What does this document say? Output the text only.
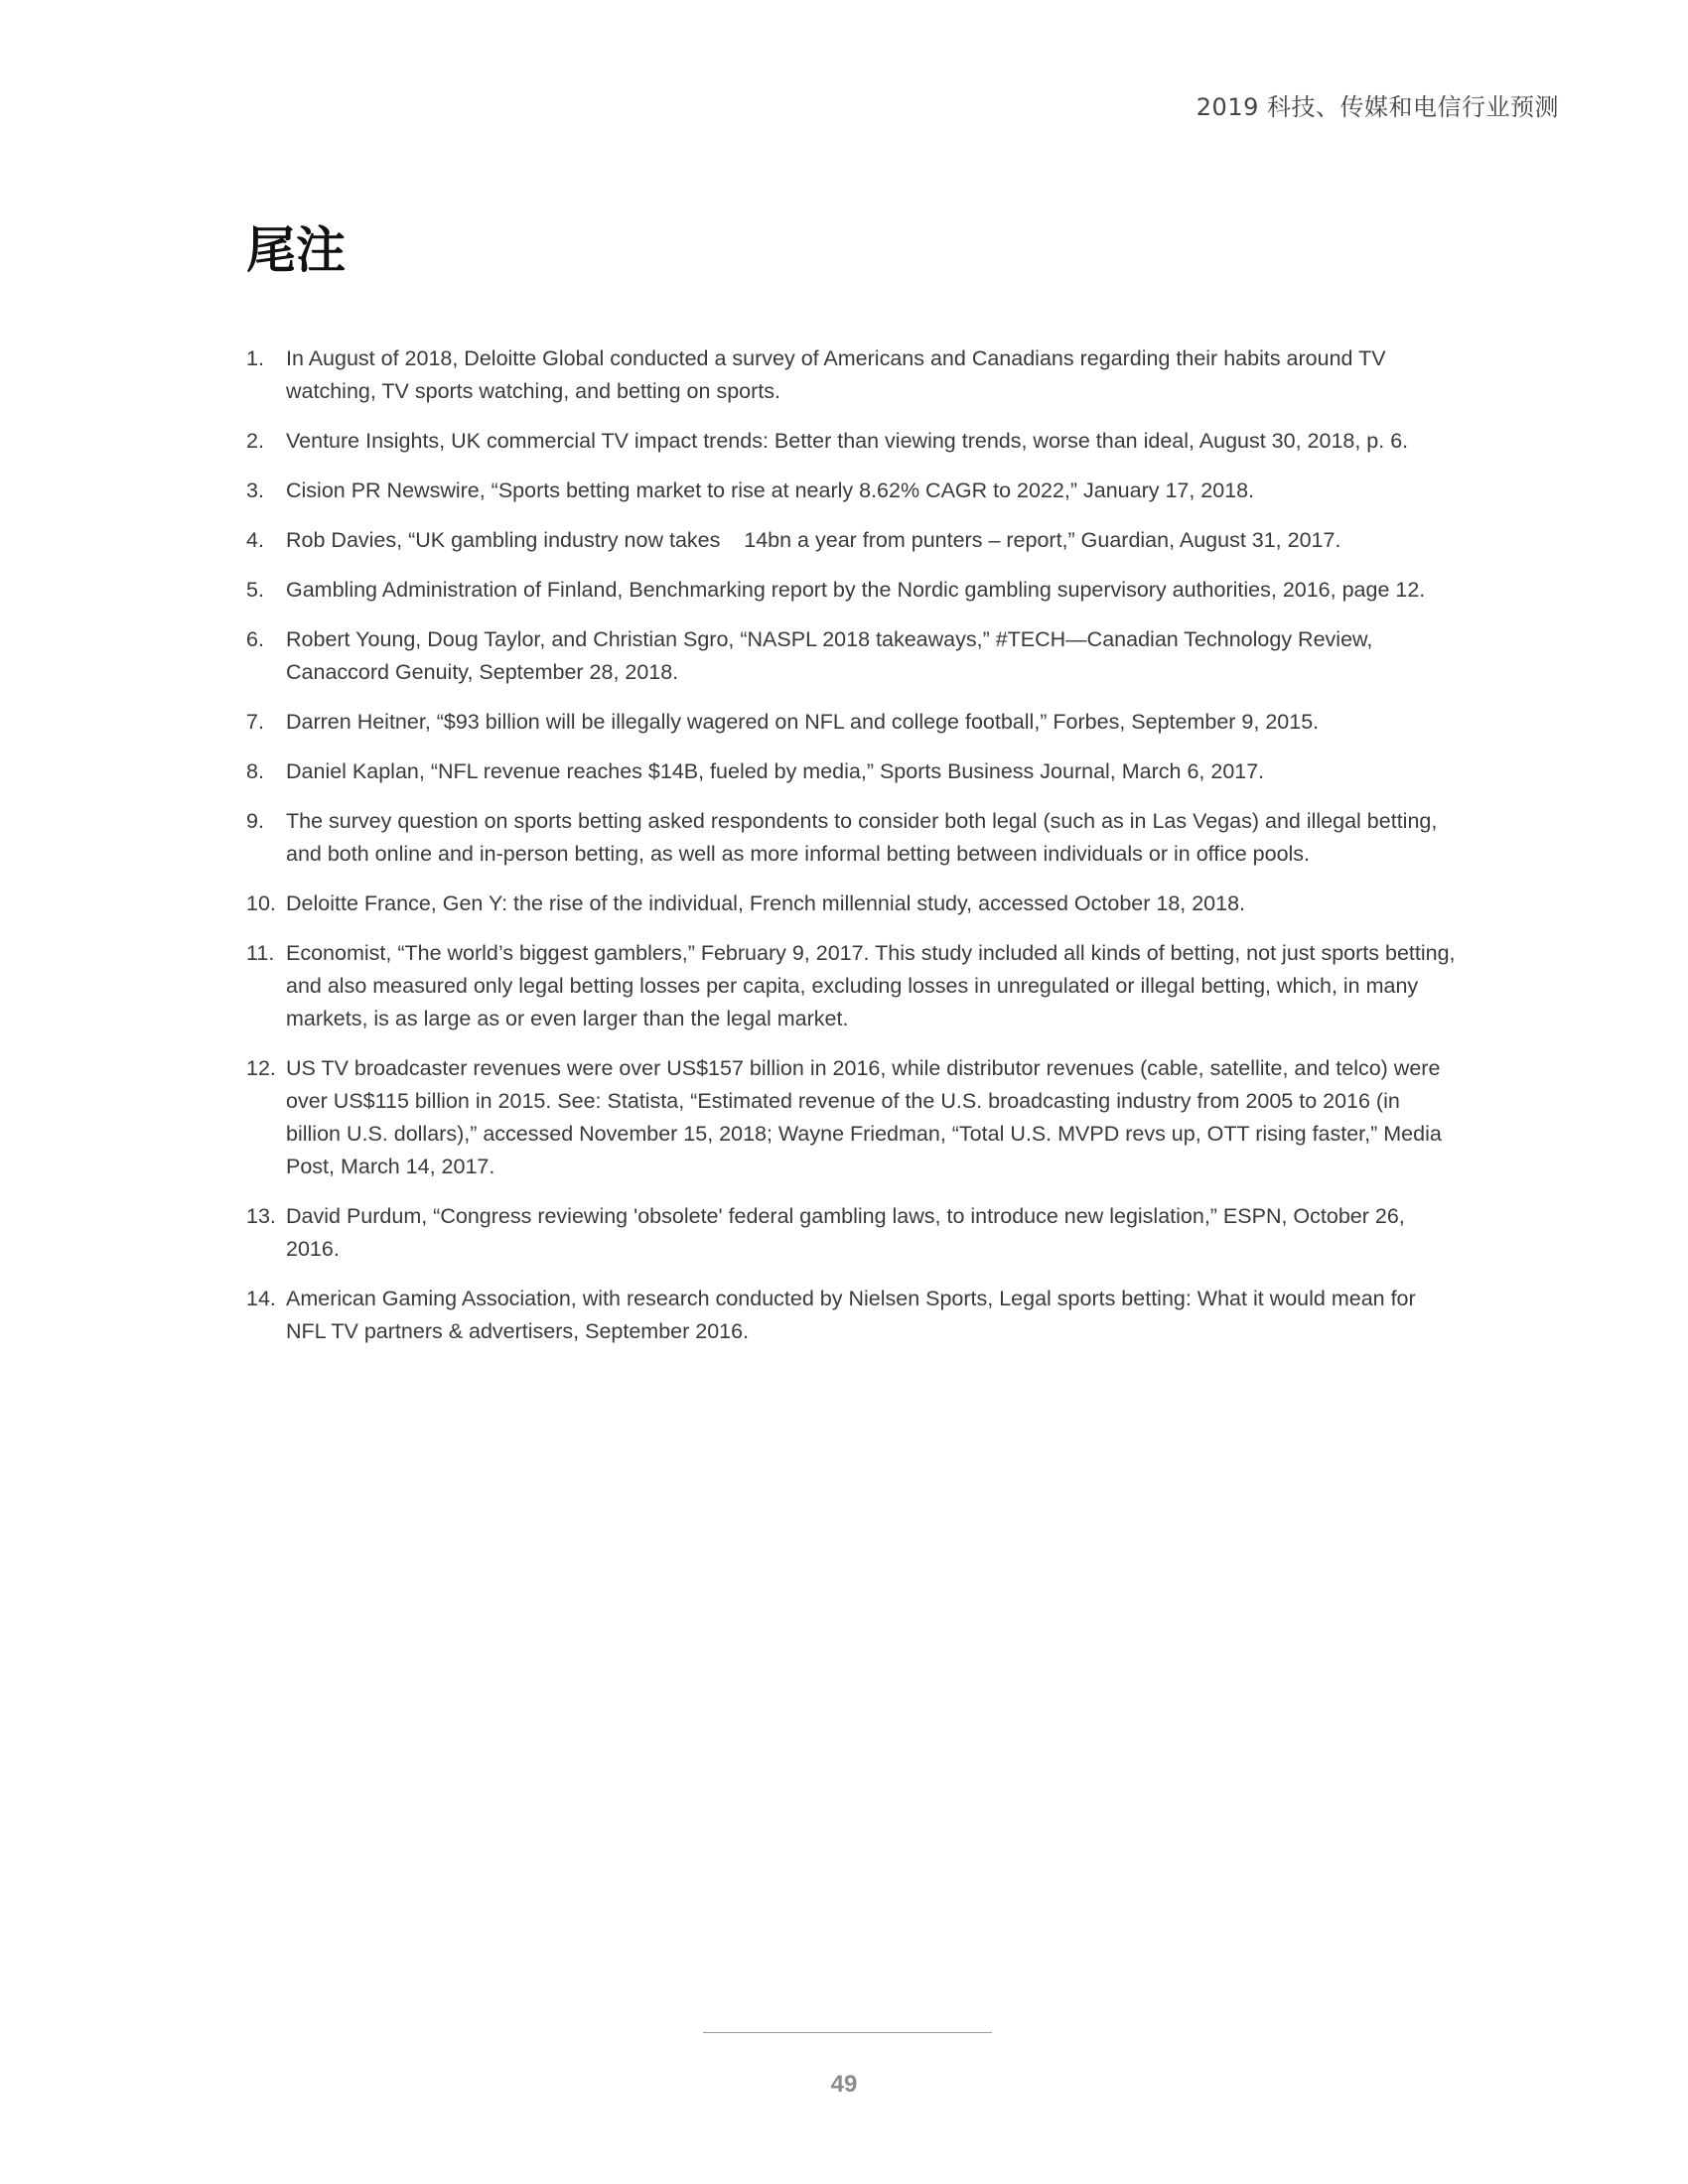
2019 科技、传媒和电信行业预测
尾注
1.	In August of 2018, Deloitte Global conducted a survey of Americans and Canadians regarding their habits around TV watching, TV sports watching, and betting on sports.
2.	Venture Insights, UK commercial TV impact trends: Better than viewing trends, worse than ideal, August 30, 2018, p. 6.
3.	Cision PR Newswire, “Sports betting market to rise at nearly 8.62% CAGR to 2022,” January 17, 2018.
4.	Rob Davies, “UK gambling industry now takes    14bn a year from punters – report,” Guardian, August 31, 2017.
5.	Gambling Administration of Finland, Benchmarking report by the Nordic gambling supervisory authorities, 2016, page 12.
6.	Robert Young, Doug Taylor, and Christian Sgro, “NASPL 2018 takeaways,” #TECH—Canadian Technology Review, Canaccord Genuity, September 28, 2018.
7.	Darren Heitner, “$93 billion will be illegally wagered on NFL and college football,” Forbes, September 9, 2015.
8.	Daniel Kaplan, “NFL revenue reaches $14B, fueled by media,” Sports Business Journal, March 6, 2017.
9.	The survey question on sports betting asked respondents to consider both legal (such as in Las Vegas) and illegal betting, and both online and in-person betting, as well as more informal betting between individuals or in office pools.
10. Deloitte France, Gen Y: the rise of the individual, French millennial study, accessed October 18, 2018.
11. Economist, “The world’s biggest gamblers,” February 9, 2017. This study included all kinds of betting, not just sports betting, and also measured only legal betting losses per capita, excluding losses in unregulated or illegal betting, which, in many markets, is as large as or even larger than the legal market.
12. US TV broadcaster revenues were over US$157 billion in 2016, while distributor revenues (cable, satellite, and telco) were over US$115 billion in 2015. See: Statista, “Estimated revenue of the U.S. broadcasting industry from 2005 to 2016 (in billion U.S. dollars),” accessed November 15, 2018; Wayne Friedman, “Total U.S. MVPD revs up, OTT rising faster,” Media Post, March 14, 2017.
13. David Purdum, “Congress reviewing 'obsolete' federal gambling laws, to introduce new legislation,” ESPN, October 26, 2016.
14. American Gaming Association, with research conducted by Nielsen Sports, Legal sports betting: What it would mean for NFL TV partners & advertisers, September 2016.
49
